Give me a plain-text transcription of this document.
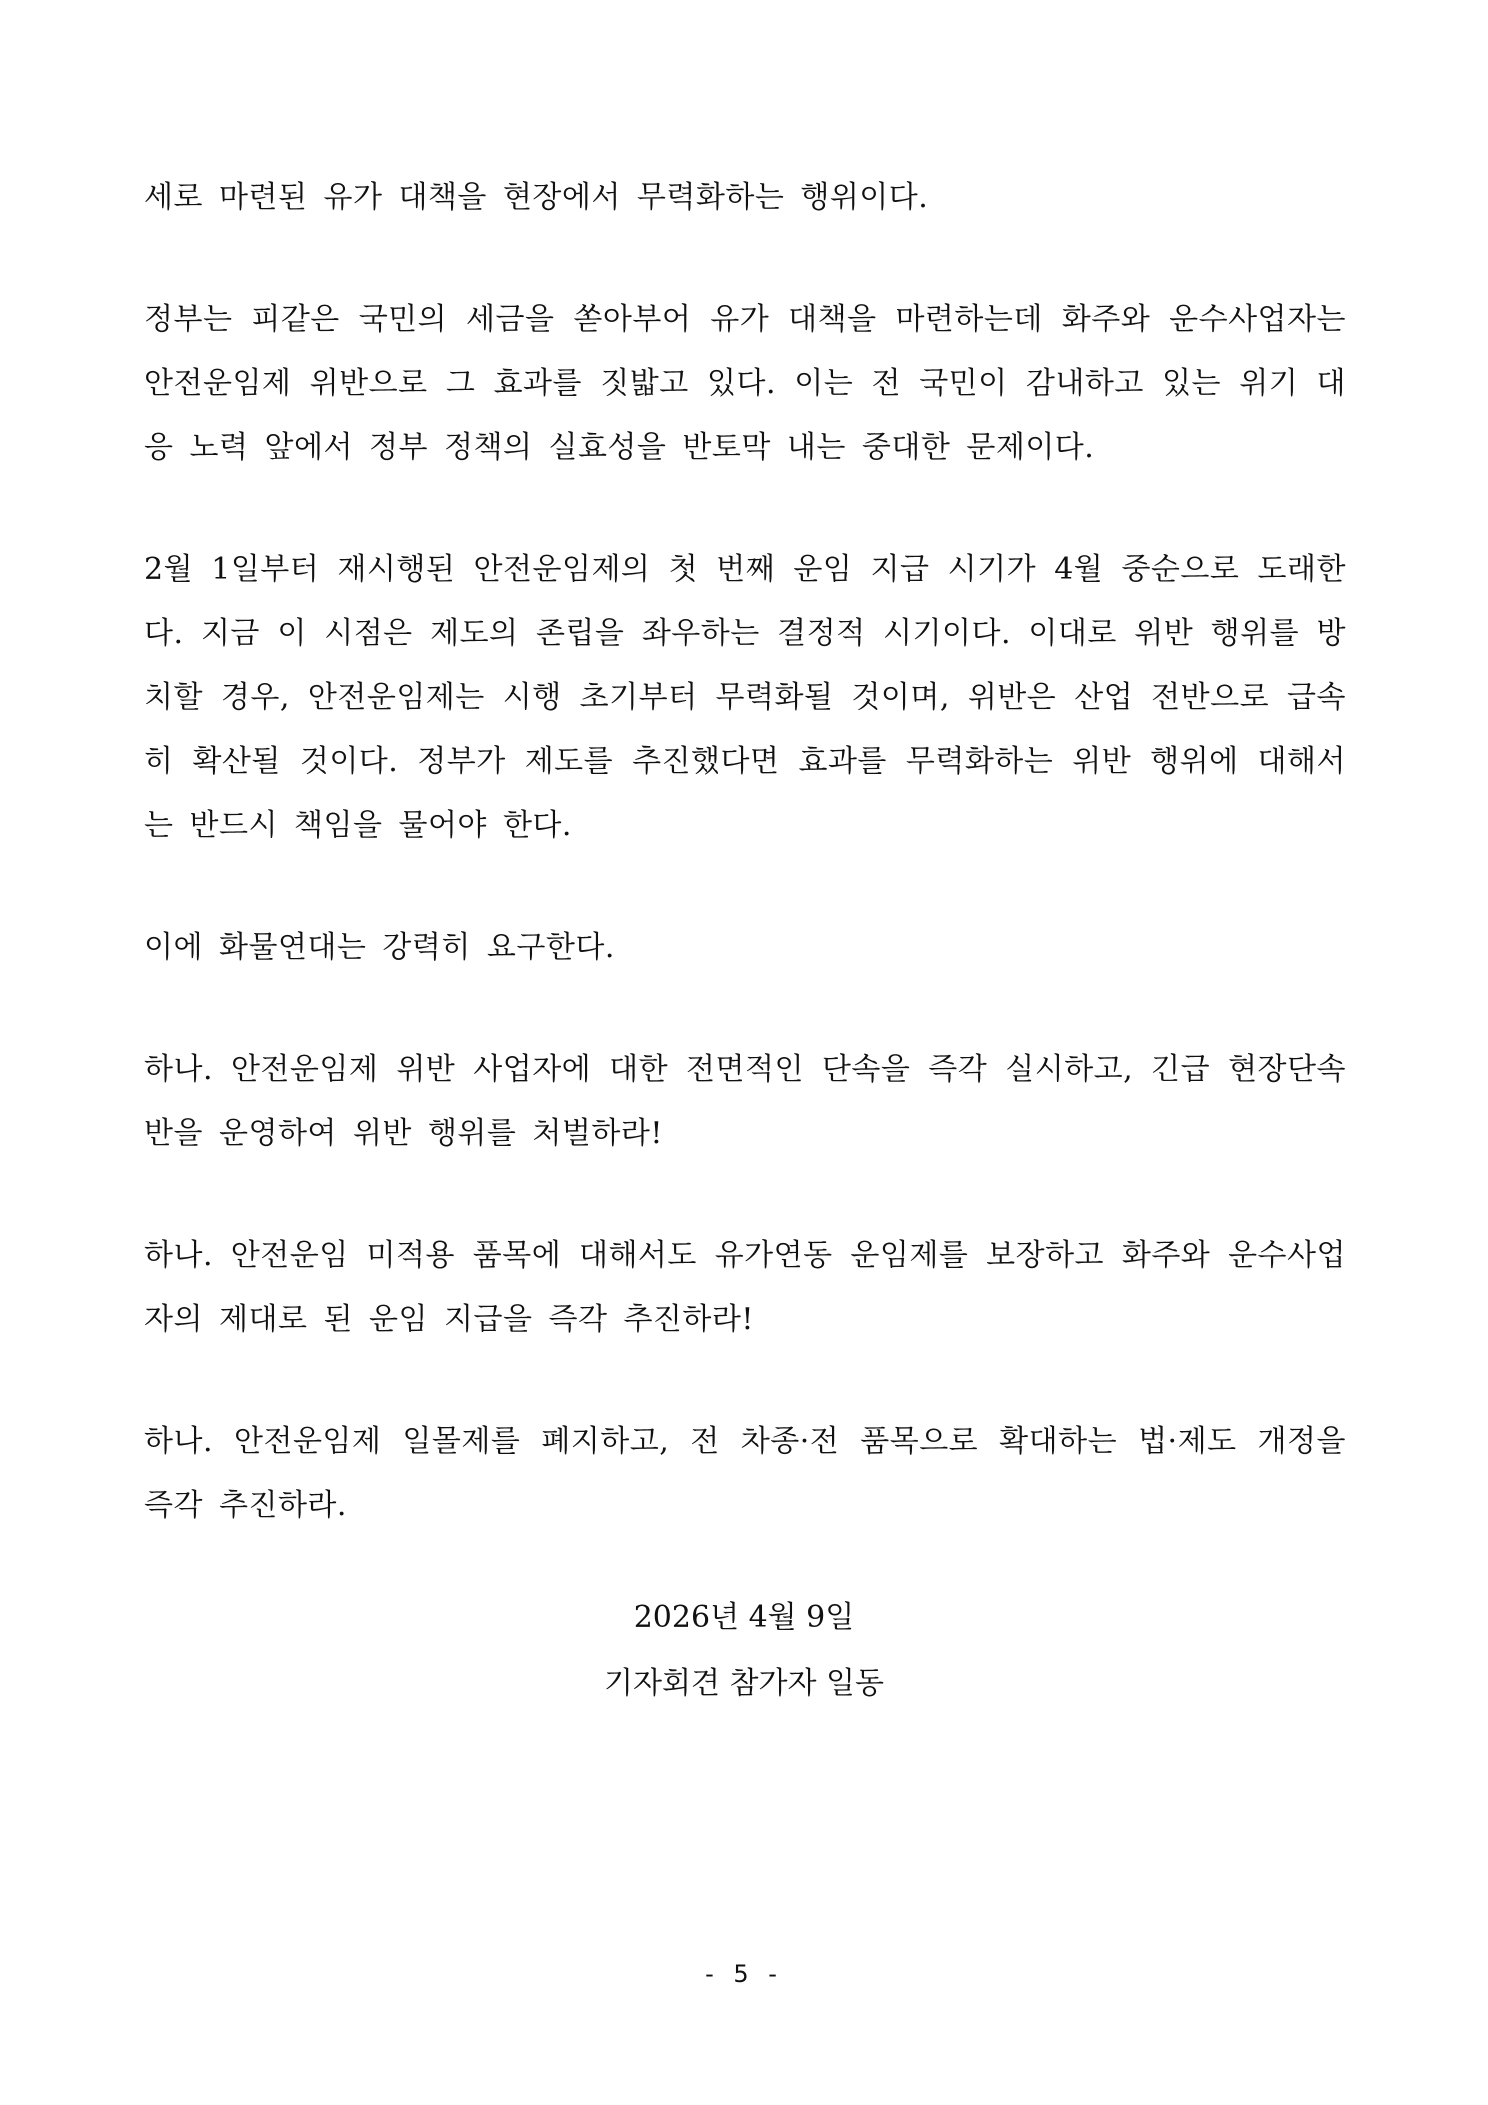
세로 마련된 유가 대책을 현장에서 무력화하는 행위이다.

정부는 피같은 국민의 세금을 쏟아부어 유가 대책을 마련하는데 화주와 운수사업자는 안전운임제 위반으로 그 효과를 짓밟고 있다. 이는 전 국민이 감내하고 있는 위기 대응 노력 앞에서 정부 정책의 실효성을 반토막 내는 중대한 문제이다.

2월 1일부터 재시행된 안전운임제의 첫 번째 운임 지급 시기가 4월 중순으로 도래한다. 지금 이 시점은 제도의 존립을 좌우하는 결정적 시기이다. 이대로 위반 행위를 방치할 경우, 안전운임제는 시행 초기부터 무력화될 것이며, 위반은 산업 전반으로 급속히 확산될 것이다. 정부가 제도를 추진했다면 효과를 무력화하는 위반 행위에 대해서는 반드시 책임을 물어야 한다.

이에 화물연대는 강력히 요구한다.

하나. 안전운임제 위반 사업자에 대한 전면적인 단속을 즉각 실시하고, 긴급 현장단속반을 운영하여 위반 행위를 처벌하라!

하나. 안전운임 미적용 품목에 대해서도 유가연동 운임제를 보장하고 화주와 운수사업자의 제대로 된 운임 지급을 즉각 추진하라!

하나. 안전운임제 일몰제를 폐지하고, 전 차종·전 품목으로 확대하는 법·제도 개정을 즉각 추진하라.

2026년 4월 9일
기자회견 참가자 일동
- 5 -
